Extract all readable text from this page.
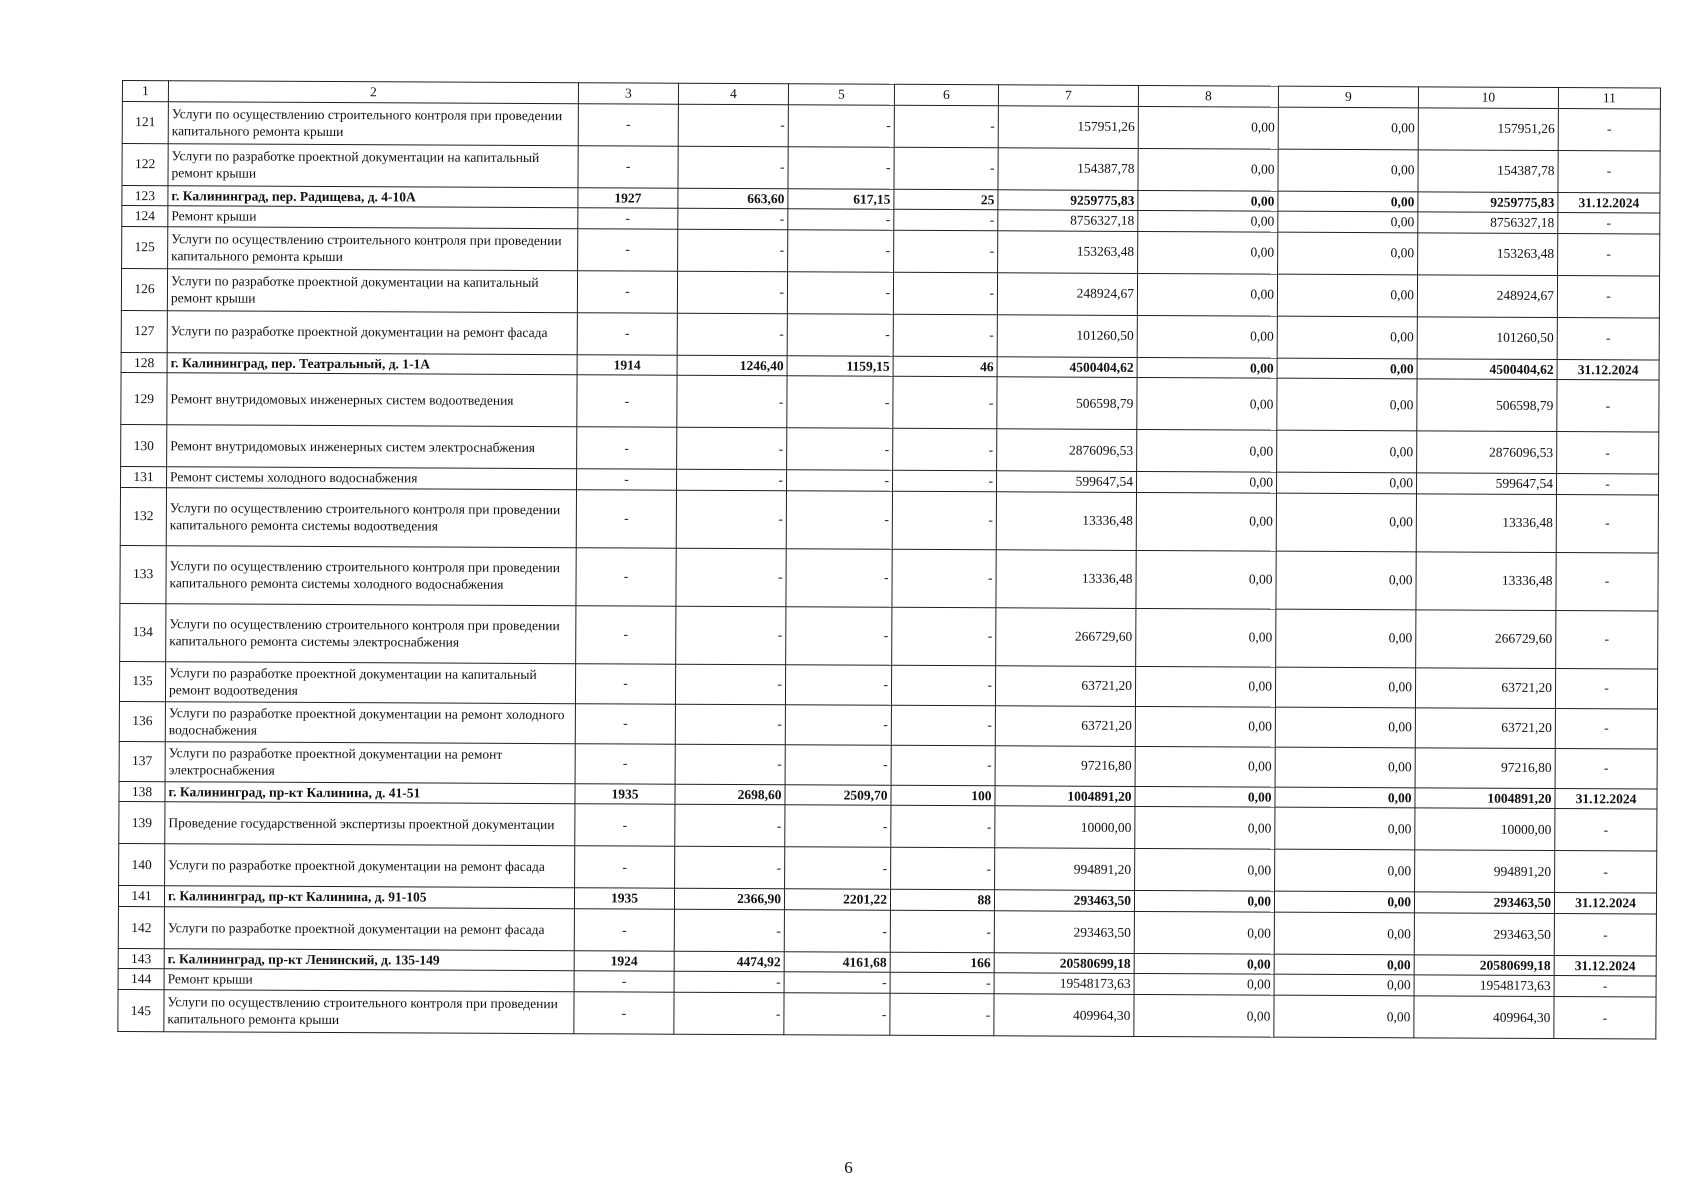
1	2	3	4	5	6	7	8	9	10	11
121	Услуги по осуществлению строительного контроля при проведении капитального ремонта крыши	-	-	-	-	157951,26	0,00	0,00	157951,26	-
122	Услуги по разработке проектной документации на капитальный ремонт крыши	-	-	-	-	154387,78	0,00	0,00	154387,78	-
123	г. Калининград, пер. Радищева, д. 4-10А	1927	663,60	617,15	25	9259775,83	0,00	0,00	9259775,83	31.12.2024
124	Ремонт крыши	-	-	-	-	8756327,18	0,00	0,00	8756327,18	-
125	Услуги по осуществлению строительного контроля при проведении капитального ремонта крыши	-	-	-	-	153263,48	0,00	0,00	153263,48	-
126	Услуги по разработке проектной документации на капитальный ремонт крыши	-	-	-	-	248924,67	0,00	0,00	248924,67	-
127	Услуги по разработке проектной документации на ремонт фасада	-	-	-	-	101260,50	0,00	0,00	101260,50	-
128	г. Калининград, пер. Театральный, д. 1-1А	1914	1246,40	1159,15	46	4500404,62	0,00	0,00	4500404,62	31.12.2024
129	Ремонт внутридомовых инженерных систем водоотведения	-	-	-	-	506598,79	0,00	0,00	506598,79	-
130	Ремонт внутридомовых инженерных систем электроснабжения	-	-	-	-	2876096,53	0,00	0,00	2876096,53	-
131	Ремонт системы холодного водоснабжения	-	-	-	-	599647,54	0,00	0,00	599647,54	-
132	Услуги по осуществлению строительного контроля при проведении капитального ремонта системы водоотведения	-	-	-	-	13336,48	0,00	0,00	13336,48	-
133	Услуги по осуществлению строительного контроля при проведении капитального ремонта системы холодного водоснабжения	-	-	-	-	13336,48	0,00	0,00	13336,48	-
134	Услуги по осуществлению строительного контроля при проведении капитального ремонта системы электроснабжения	-	-	-	-	266729,60	0,00	0,00	266729,60	-
135	Услуги по разработке проектной документации на капитальный ремонт водоотведения	-	-	-	-	63721,20	0,00	0,00	63721,20	-
136	Услуги по разработке проектной документации на ремонт холодного водоснабжения	-	-	-	-	63721,20	0,00	0,00	63721,20	-
137	Услуги по разработке проектной документации на ремонт электроснабжения	-	-	-	-	97216,80	0,00	0,00	97216,80	-
138	г. Калининград, пр-кт Калинина, д. 41-51	1935	2698,60	2509,70	100	1004891,20	0,00	0,00	1004891,20	31.12.2024
139	Проведение государственной экспертизы проектной документации	-	-	-	-	10000,00	0,00	0,00	10000,00	-
140	Услуги по разработке проектной документации на ремонт фасада	-	-	-	-	994891,20	0,00	0,00	994891,20	-
141	г. Калининград, пр-кт Калинина, д. 91-105	1935	2366,90	2201,22	88	293463,50	0,00	0,00	293463,50	31.12.2024
142	Услуги по разработке проектной документации на ремонт фасада	-	-	-	-	293463,50	0,00	0,00	293463,50	-
143	г. Калининград, пр-кт Ленинский, д. 135-149	1924	4474,92	4161,68	166	20580699,18	0,00	0,00	20580699,18	31.12.2024
144	Ремонт крыши	-	-	-	-	19548173,63	0,00	0,00	19548173,63	-
145	Услуги по осуществлению строительного контроля при проведении капитального ремонта крыши	-	-	-	-	409964,30	0,00	0,00	409964,30	-
6
